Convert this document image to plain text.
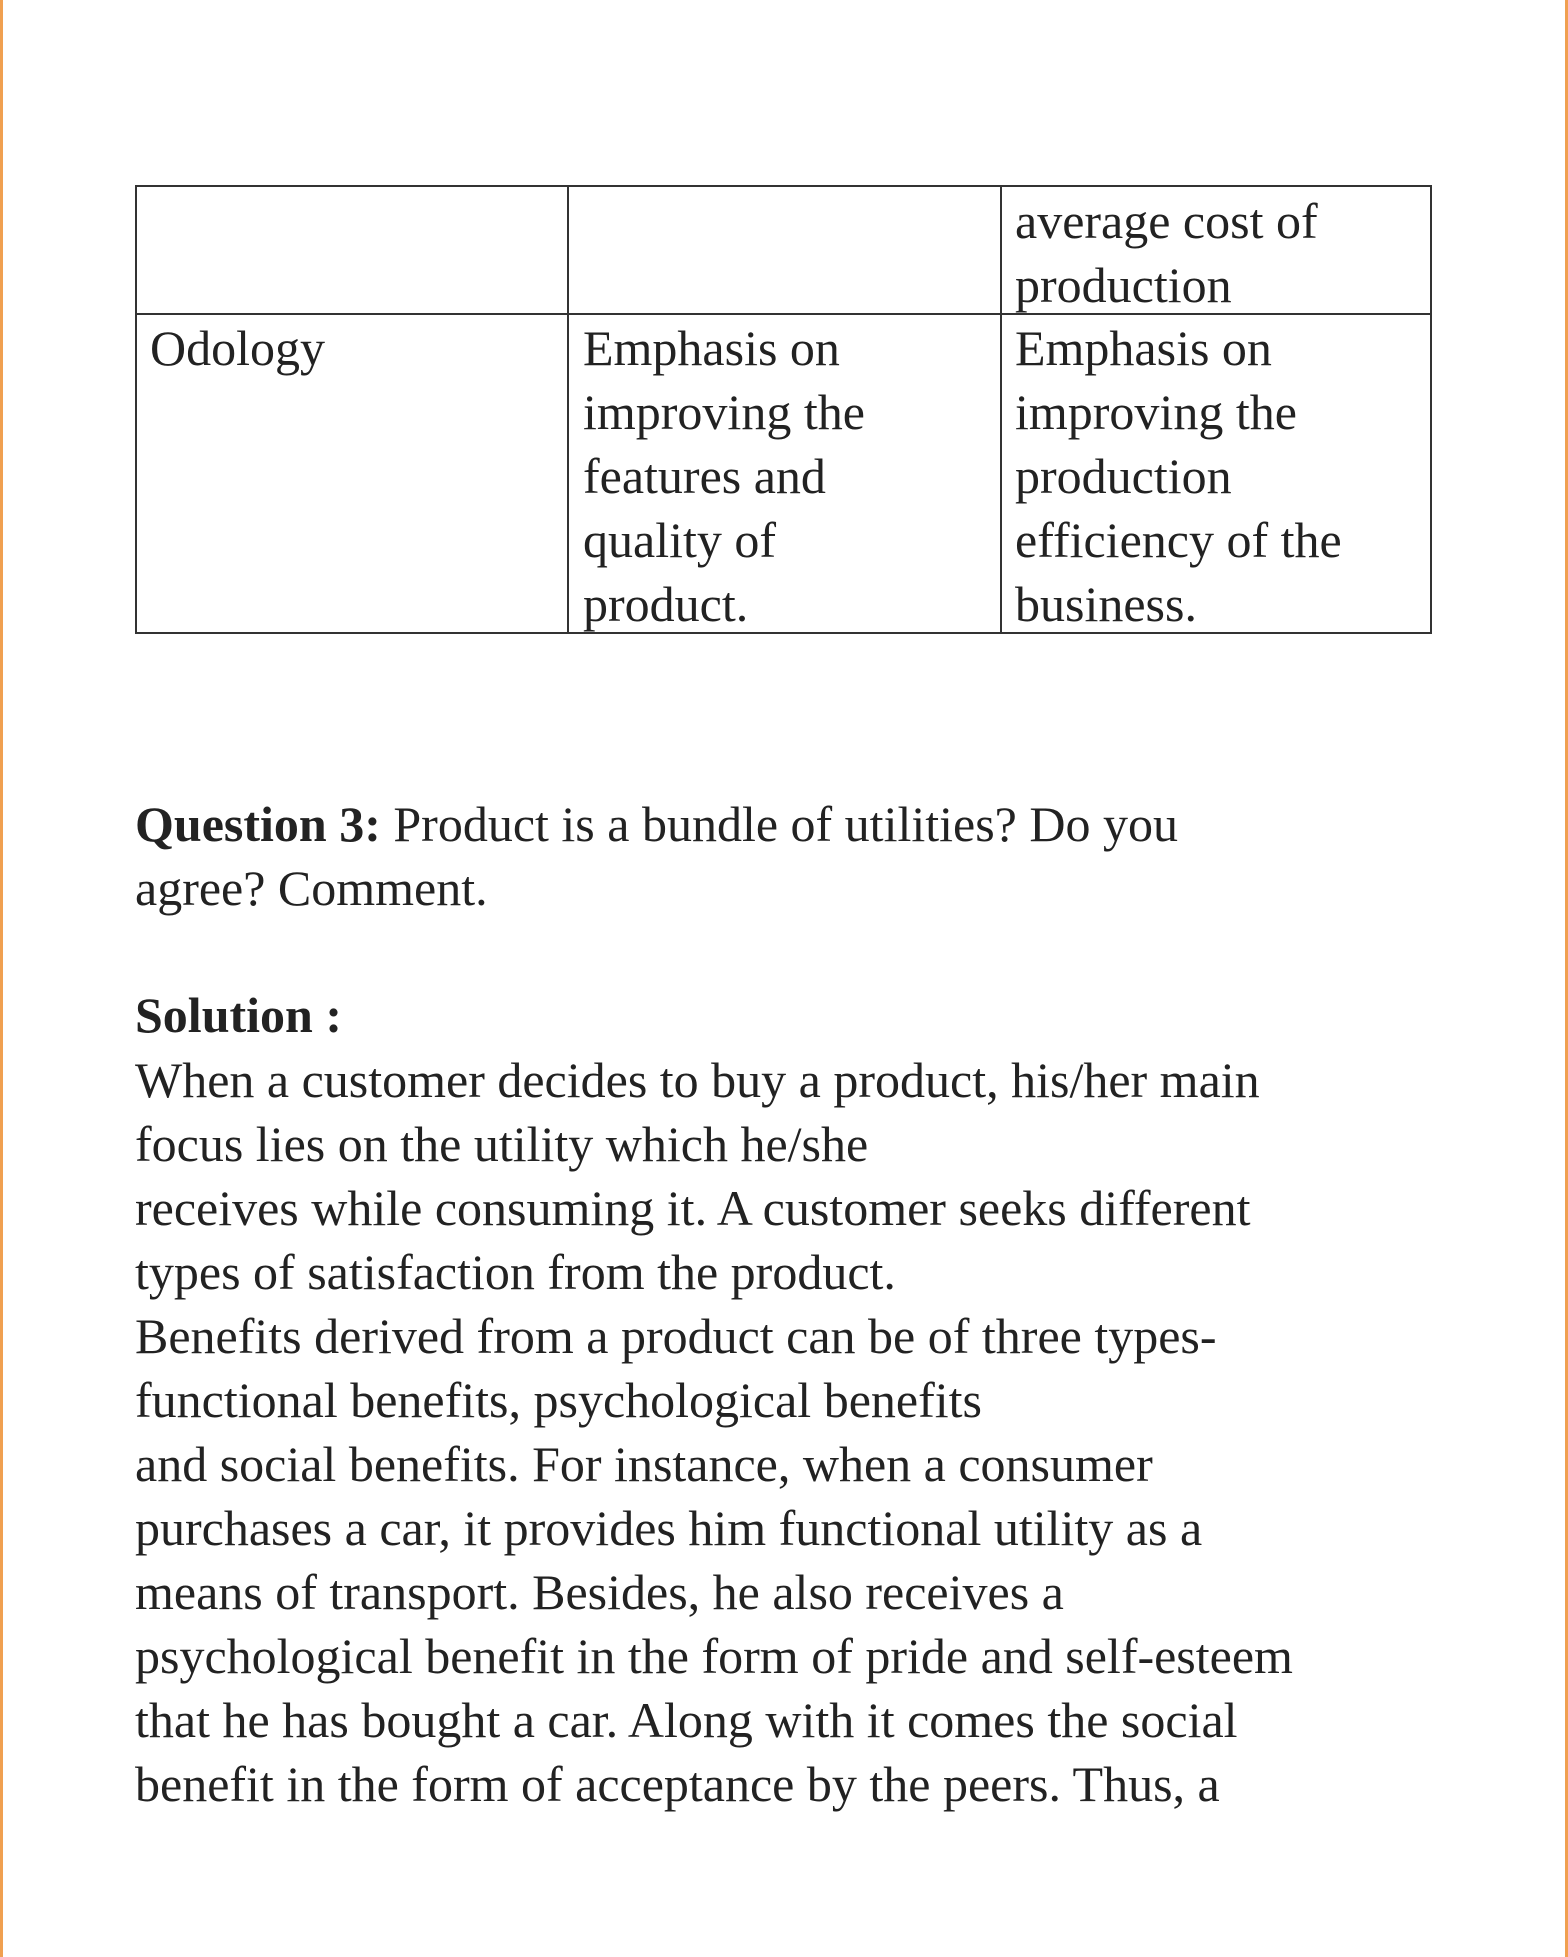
average cost of
production
Odology	Emphasis on
improving the
features and
quality of
product.
Emphasis on
improving the
production
efficiency of the
business.
Question 3: Product is a bundle of utilities? Do you
agree? Comment.
Solution :
When a customer decides to buy a product, his/her main
focus lies on the utility which he/she
receives while consuming it. A customer seeks different
types of satisfaction from the product.
Benefits derived from a product can be of three types-
functional benefits, psychological benefits
and social benefits. For instance, when a consumer
purchases a car, it provides him functional utility as a
means of transport. Besides, he also receives a
psychological benefit in the form of pride and self-esteem
that he has bought a car. Along with it comes the social
benefit in the form of acceptance by the peers. Thus, a
